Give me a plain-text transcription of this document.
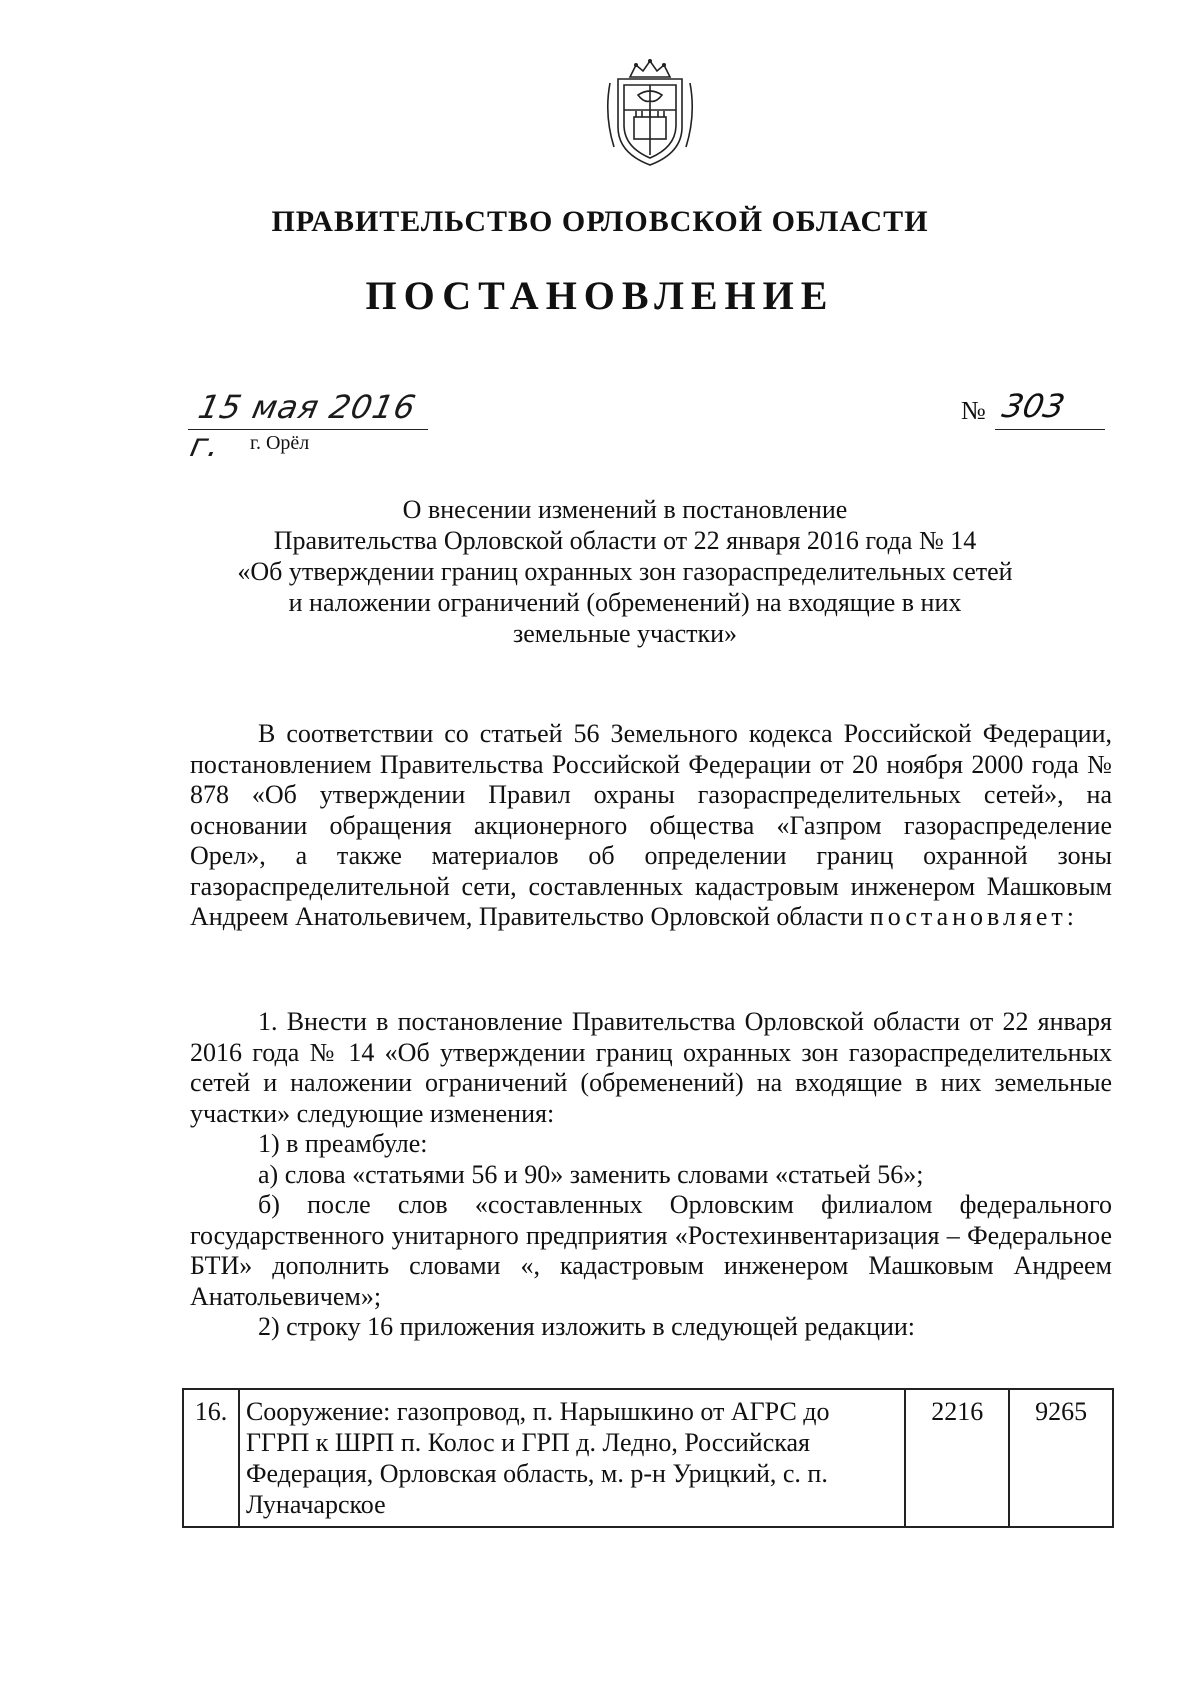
ПРАВИТЕЛЬСТВО ОРЛОВСКОЙ ОБЛАСТИ
ПОСТАНОВЛЕНИЕ
15 мая 2016 г.	г. Орёл
№ 303
О внесении изменений в постановление
Правительства Орловской области от 22 января 2016 года № 14
«Об утверждении границ охранных зон газораспределительных сетей
и наложении ограничений (обременений) на входящие в них
земельные участки»

В соответствии со статьей 56 Земельного кодекса Российской Федерации, постановлением Правительства Российской Федерации от 20 ноября 2000 года № 878 «Об утверждении Правил охраны газораспределительных сетей», на основании обращения акционерного общества «Газпром газораспределение Орел», а также материалов об определении границ охранной зоны газораспределительной сети, составленных кадастровым инженером Машковым Андреем Анатольевичем, Правительство Орловской области постановляет:

1. Внести в постановление Правительства Орловской области от 22 января 2016 года № 14 «Об утверждении границ охранных зон газораспределительных сетей и наложении ограничений (обременений) на входящие в них земельные участки» следующие изменения:

1) в преамбуле:

а) слова «статьями 56 и 90» заменить словами «статьей 56»;

б) после слов «составленных Орловским филиалом федерального государственного унитарного предприятия «Ростехинвентаризация – Федеральное БТИ» дополнить словами «, кадастровым инженером Машковым Андреем Анатольевичем»;

2) строку 16 приложения изложить в следующей редакции:

16.	Сооружение: газопровод, п. Нарышкино от АГРС до ГГРП к ШРП п. Колос и ГРП д. Ледно, Российская Федерация, Орловская область, м. р-н Урицкий, с. п. Луначарское	2216	9265
